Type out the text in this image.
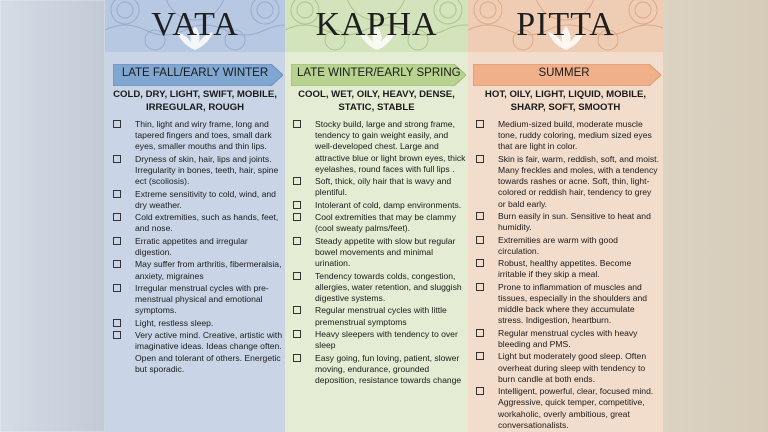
VATA
LATE FALL/EARLY WINTER
COLD, DRY, LIGHT, SWIFT, MOBILE, IRREGULAR, ROUGH
Thin, light and wiry frame, long and tapered fingers and toes, small dark eyes, smaller mouths and thin lips.
Dryness of skin, hair, lips and joints. Irregularity in bones, teeth, hair, spine ect (scoliosis).
Extreme sensitivity to cold, wind, and dry weather.
Cold extremities, such as hands, feet, and nose.
Erratic appetites and irregular digestion.
May suffer from arthritis, fibermeralsia, anxiety, migraines
Irregular menstrual cycles with pre-menstrual physical and emotional symptoms.
Light, restless sleep.
Very active mind. Creative, artistic with imaginative ideas. Ideas change often. Open and tolerant of others. Energetic but sporadic.
KAPHA
LATE WINTER/EARLY SPRING
COOL, WET, OILY, HEAVY, DENSE, STATIC, STABLE
Stocky build, large and strong frame, tendency to gain weight easily, and well-developed chest. Large and attractive blue or light brown eyes, thick eyelashes, round faces with full lips .
Soft, thick, oily hair that is wavy and plentiful.
Intolerant of cold, damp environments.
Cool extremities that may be clammy (cool sweaty palms/feet).
Steady appetite with slow but regular bowel movements and minimal urination.
Tendency towards colds, congestion, allergies, water retention, and sluggish digestive systems.
Regular menstrual cycles with little premenstrual symptoms
Heavy sleepers with tendency to over sleep
Easy going, fun loving, patient, slower moving, endurance, grounded deposition, resistance towards change
PITTA
SUMMER
HOT, OILY, LIGHT, LIQUID, MOBILE, SHARP, SOFT, SMOOTH
Medium-sized build, moderate muscle tone, ruddy coloring, medium sized eyes that are light in color.
Skin is fair, warm, reddish, soft, and moist. Many freckles and moles, with a tendency towards rashes or acne. Soft, thin, light-colored or reddish hair, tendency to grey or bald early.
Burn easily in sun. Sensitive to heat and humidity.
Extremities are warm with good circulation.
Robust, healthy appetites. Become irritable if they skip a meal.
Prone to inflammation of muscles and tissues, especially in the shoulders and middle back where they accumulate stress. Indigestion, heartburn.
Regular menstrual cycles with heavy bleeding and PMS.
Light but moderately good sleep. Often overheat during sleep with tendency to burn candle at both ends.
Intelligent, powerful, clear, focused mind. Aggressive, quick temper, competitive, workaholic, overly ambitious, great conversationalists.
